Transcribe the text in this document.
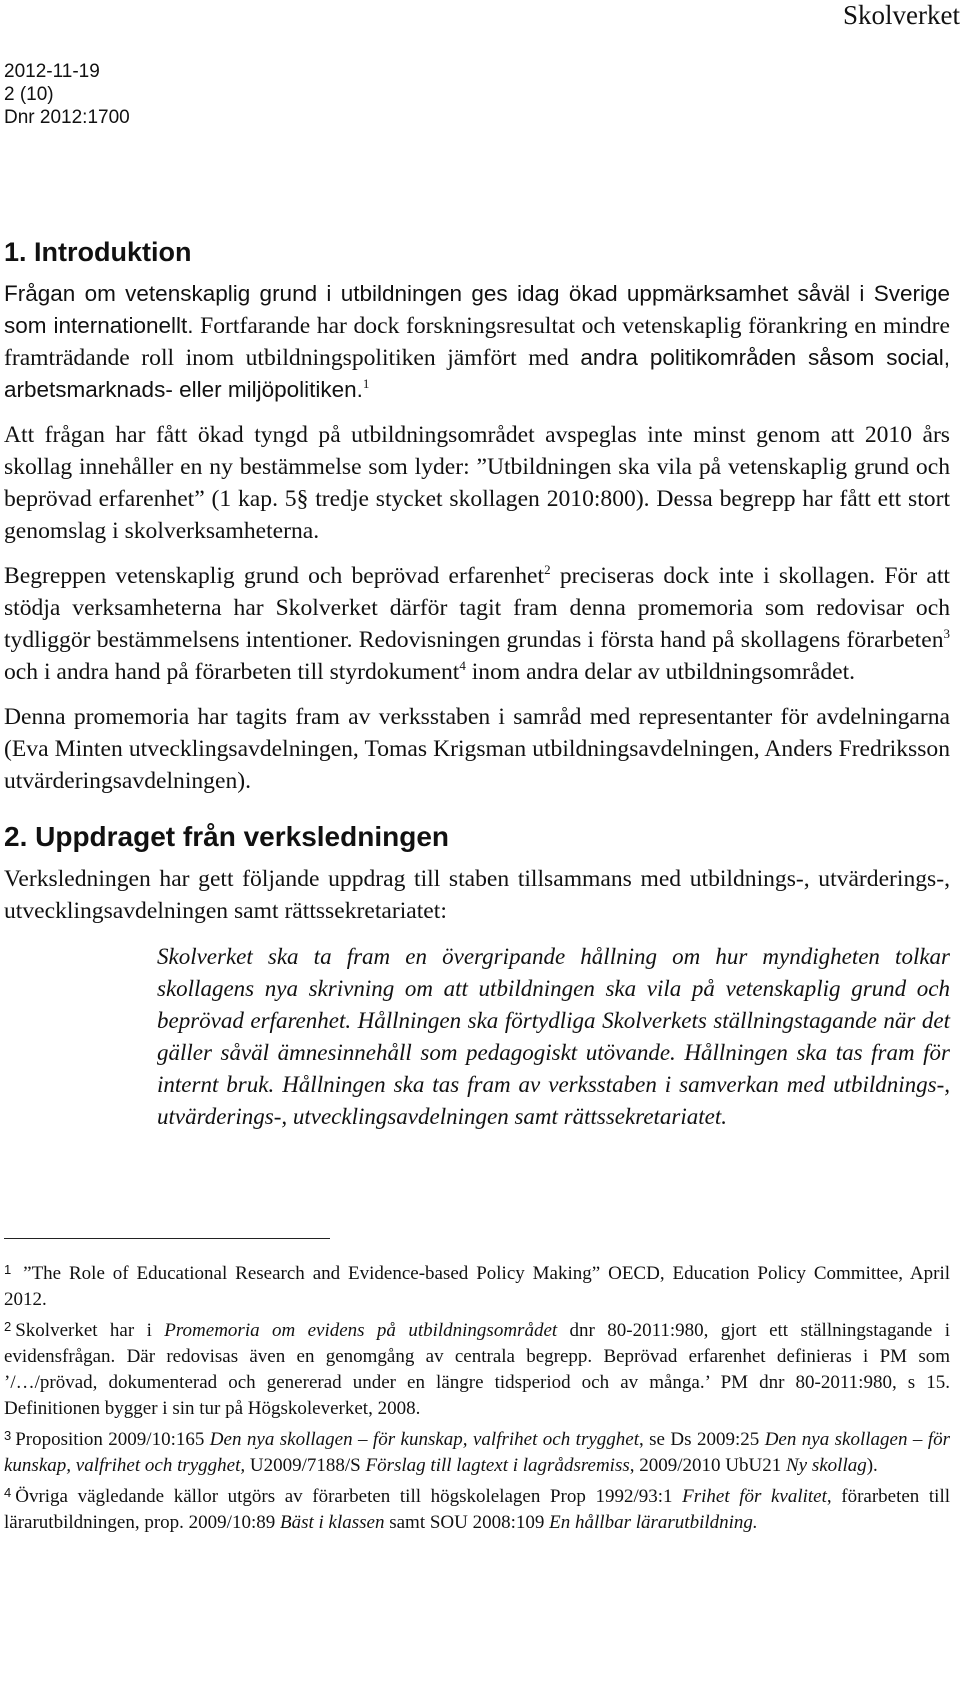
Skolverket
2012-11-19
2 (10)
Dnr 2012:1700
1. Introduktion

Frågan om vetenskaplig grund i utbildningen ges idag ökad uppmärksamhet såväl i Sverige som internationellt. Fortfarande har dock forskningsresultat och vetenskaplig förankring en mindre framträdande roll inom utbildningspolitiken jämfört med andra politikområden såsom social, arbetsmarknads- eller miljöpolitiken.$^1$

Att frågan har fått ökad tyngd på utbildningsområdet avspeglas inte minst genom att 2010 års skollag innehåller en ny bestämmelse som lyder: ”Utbildningen ska vila på vetenskaplig grund och beprövad erfarenhet” (1 kap. 5§ tredje stycket skollagen 2010:800). Dessa begrepp har fått ett stort genomslag i skolverksamheterna.

Begreppen vetenskaplig grund och beprövad erfarenhet$^2$ preciseras dock inte i skollagen. För att stödja verksamheterna har Skolverket därför tagit fram denna promemoria som redovisar och tydliggör bestämmelsens intentioner. Redovisningen grundas i första hand på skollagens förarbeten$^3$ och i andra hand på förarbeten till styrdokument$^4$ inom andra delar av utbildningsområdet.

Denna promemoria har tagits fram av verksstaben i samråd med representanter för avdelningarna (Eva Minten utvecklingsavdelningen, Tomas Krigsman utbildningsavdelningen, Anders Fredriksson utvärderingsavdelningen).

2. Uppdraget från verksledningen

Verksledningen har gett följande uppdrag till staben tillsammans med utbildnings-, utvärderings-, utvecklingsavdelningen samt rättssekretariatet:

Skolverket ska ta fram en övergripande hållning om hur myndigheten tolkar skollagens nya skrivning om att utbildningen ska vila på vetenskaplig grund och beprövad erfarenhet. Hållningen ska förtydliga Skolverkets ställningstagande när det gäller såväl ämnesinnehåll som pedagogiskt utövande. Hållningen ska tas fram för internt bruk. Hållningen ska tas fram av verksstaben i samverkan med utbildnings-, utvärderings-, utvecklingsavdelningen samt rättssekretariatet.
$^1$ ”The Role of Educational Research and Evidence-based Policy Making” OECD, Education Policy Committee, April 2012.
$^2$ Skolverket har i Promemoria om evidens på utbildningsområdet dnr 80-2011:980, gjort ett ställningstagande i evidensfrågan. Där redovisas även en genomgång av centrala begrepp. Beprövad erfarenhet definieras i PM som ’/…/prövad, dokumenterad och genererad under en längre tidsperiod och av många.’ PM dnr 80-2011:980, s 15. Definitionen bygger i sin tur på Högskoleverket, 2008.
$^3$ Proposition 2009/10:165 Den nya skollagen – för kunskap, valfrihet och trygghet, se Ds 2009:25 Den nya skollagen – för kunskap, valfrihet och trygghet, U2009/7188/S Förslag till lagtext i lagrådsremiss, 2009/2010 UbU21 Ny skollag).
$^4$ Övriga vägledande källor utgörs av förarbeten till högskolelagen Prop 1992/93:1 Frihet för kvalitet, förarbeten till lärarutbildningen, prop. 2009/10:89 Bäst i klassen samt SOU 2008:109 En hållbar lärarutbildning.
